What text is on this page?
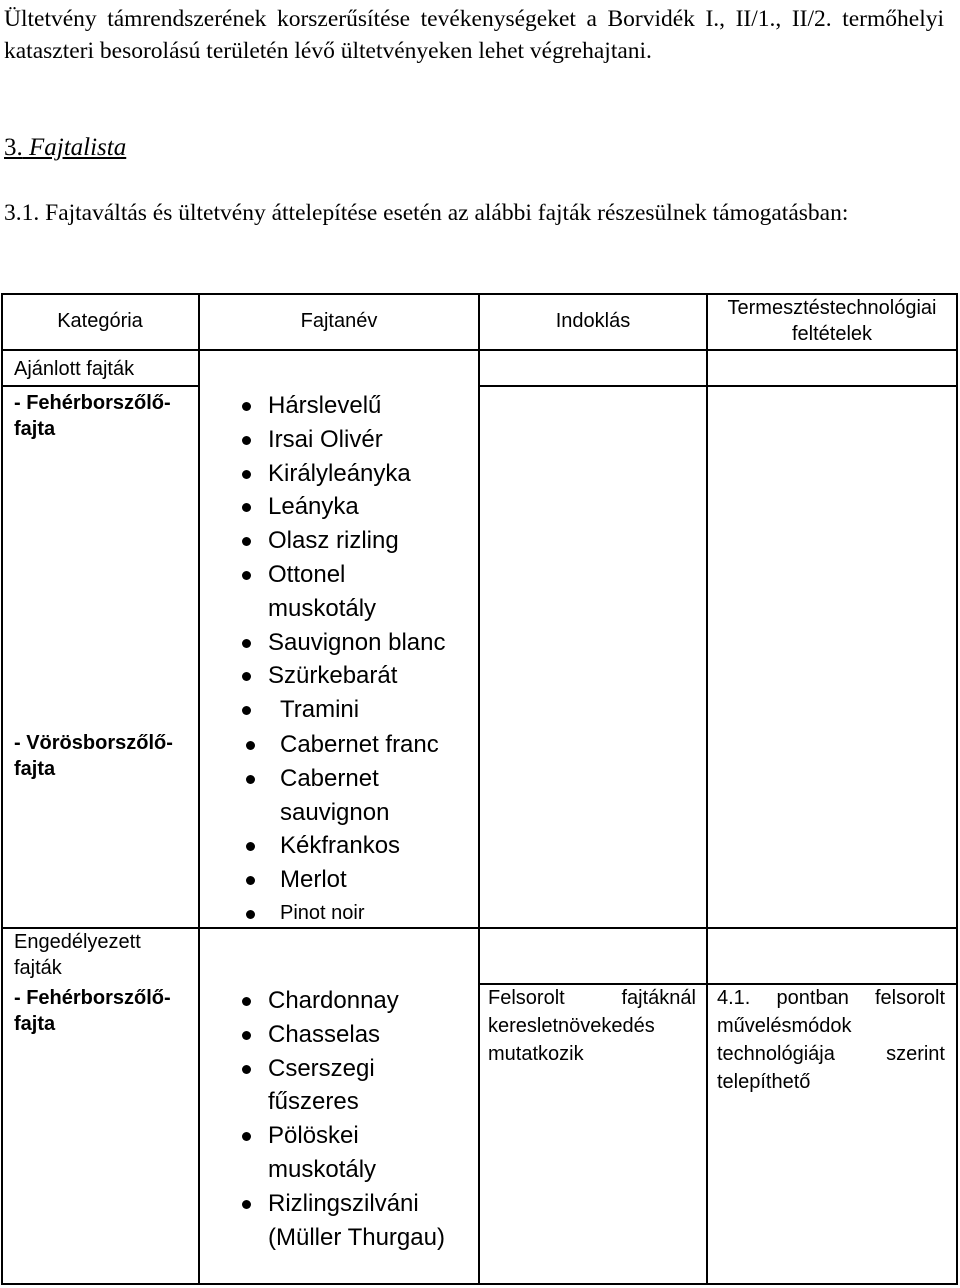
Ültetvény támrendszerének korszerűsítése tevékenységeket a Borvidék I., II/1., II/2. termőhelyi kataszteri besorolású területén lévő ültetvényeken lehet végrehajtani.
3. Fajtalista
3.1. Fajtaváltás és ültetvény áttelepítése esetén az alábbi fajták részesülnek támogatásban:
Kategória	Fajtanév	Indoklás
Termesztéstechnológiai feltételek
Ajánlott fajták
- Fehérborszőlő-fajta
Hárslevelű
Irsai Olivér
Királyleányka
Leányka
Olasz rizling
Ottonel muskotály
Sauvignon blanc
Szürkebarát
Tramini
- Vörösborszőlő-fajta
Cabernet franc
Cabernet sauvignon
Kékfrankos
Merlot
Pinot noir
Engedélyezett fajták
- Fehérborszőlő-fajta
Chardonnay
Chasselas
Cserszegi fűszeres
Pölöskei muskotály
Rizlingszilváni (Müller Thurgau)
Felsorolt fajtáknál keresletnövekedés mutatkozik
4.1. pontban felsorolt művelésmódok technológiája szerint telepíthető
